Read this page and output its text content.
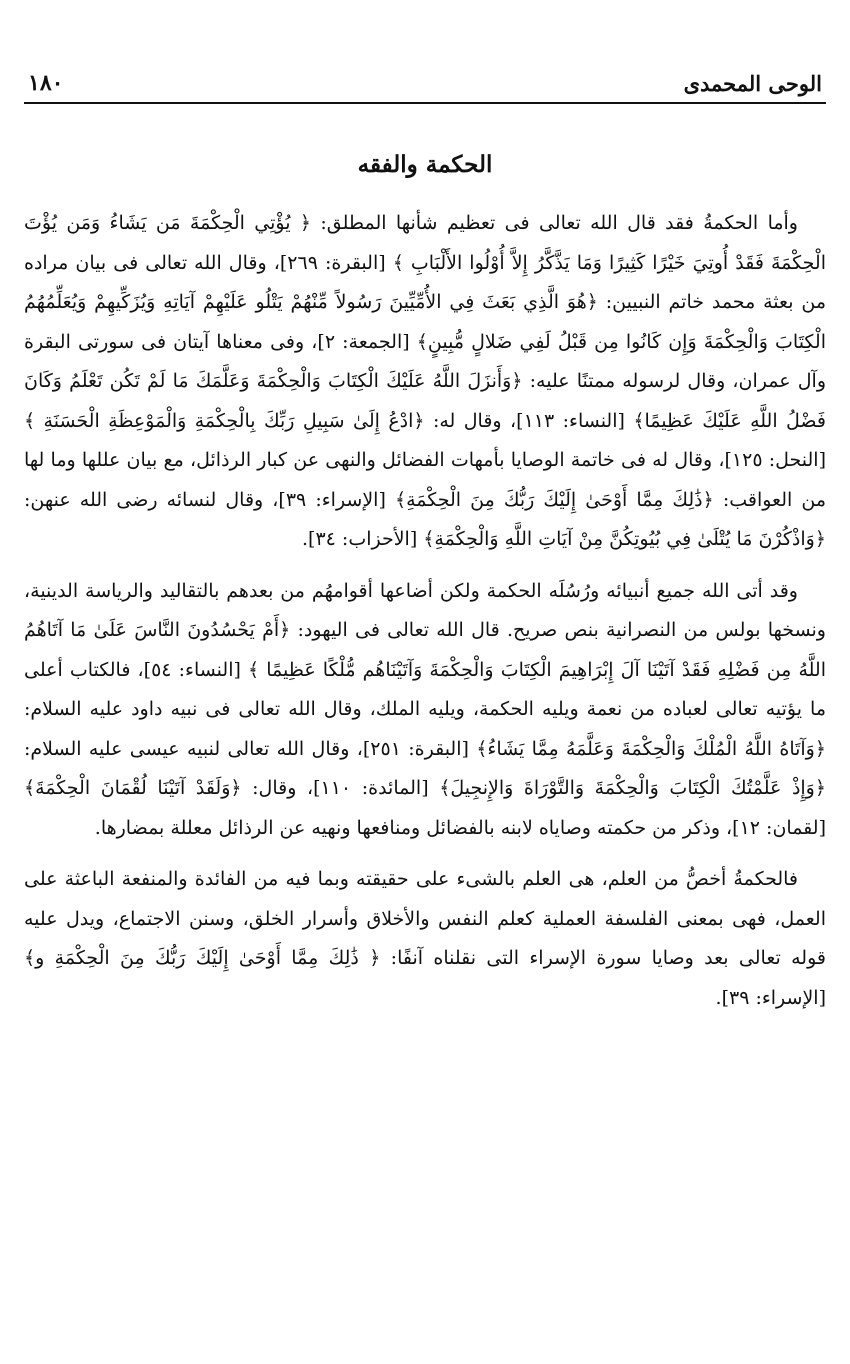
الوحى المحمدى
١٨٠
الحكمة والفقه

وأما الحكمةُ فقد قال الله تعالى فى تعظيم شأنها المطلق: ﴿ يُؤْتِي الْحِكْمَةَ مَن يَشَاءُ وَمَن يُؤْتَ الْحِكْمَةَ فَقَدْ أُوتِيَ خَيْرًا كَثِيرًا وَمَا يَذَّكَّرُ إِلاَّ أُوْلُوا الأَلْبَابِ ﴾ [البقرة: ٢٦٩]، وقال الله تعالى فى بيان مراده من بعثة محمد خاتم النبيين: ﴿هُوَ الَّذِي بَعَثَ فِي الأُمِّيِّينَ رَسُولاً مِّنْهُمْ يَتْلُو عَلَيْهِمْ آيَاتِهِ وَيُزَكِّيهِمْ وَيُعَلِّمُهُمُ الْكِتَابَ وَالْحِكْمَةَ وَإِن كَانُوا مِن قَبْلُ لَفِي ضَلالٍ مُّبِينٍ﴾ [الجمعة: ٢]، وفى معناها آيتان فى سورتى البقرة وآل عمران، وقال لرسوله ممتنًا عليه: ﴿وَأَنزَلَ اللَّهُ عَلَيْكَ الْكِتَابَ وَالْحِكْمَةَ وَعَلَّمَكَ مَا لَمْ تَكُن تَعْلَمُ وَكَانَ فَضْلُ اللَّهِ عَلَيْكَ عَظِيمًا﴾ [النساء: ١١٣]، وقال له: ﴿ادْعُ إِلَىٰ سَبِيلِ رَبِّكَ بِالْحِكْمَةِ وَالْمَوْعِظَةِ الْحَسَنَةِ ﴾ [النحل: ١٢٥]، وقال له فى خاتمة الوصايا بأمهات الفضائل والنهى عن كبار الرذائل، مع بيان عللها وما لها من العواقب: ﴿ذَٰلِكَ مِمَّا أَوْحَىٰ إِلَيْكَ رَبُّكَ مِنَ الْحِكْمَةِ﴾ [الإسراء: ٣٩]، وقال لنسائه رضى الله عنهن: ﴿وَاذْكُرْنَ مَا يُتْلَىٰ فِي بُيُوتِكُنَّ مِنْ آيَاتِ اللَّهِ وَالْحِكْمَةِ﴾ [الأحزاب: ٣٤].

وقد أتى الله جميع أنبيائه ورُسُلَه الحكمة ولكن أضاعها أقوامهُم من بعدهم بالتقاليد والرياسة الدينية، ونسخها بولس من النصرانية بنص صريح. قال الله تعالى فى اليهود: ﴿أَمْ يَحْسُدُونَ النَّاسَ عَلَىٰ مَا آتَاهُمُ اللَّهُ مِن فَضْلِهِ فَقَدْ آتَيْنَا آلَ إِبْرَاهِيمَ الْكِتَابَ وَالْحِكْمَةَ وَآتَيْنَاهُم مُّلْكًا عَظِيمًا ﴾ [النساء: ٥٤]، فالكتاب أعلى ما يؤتيه تعالى لعباده من نعمة ويليه الحكمة، ويليه الملك، وقال الله تعالى فى نبيه داود عليه السلام: ﴿وَآتَاهُ اللَّهُ الْمُلْكَ وَالْحِكْمَةَ وَعَلَّمَهُ مِمَّا يَشَاءُ﴾ [البقرة: ٢٥١]، وقال الله تعالى لنبيه عيسى عليه السلام: ﴿وَإِذْ عَلَّمْتُكَ الْكِتَابَ وَالْحِكْمَةَ وَالتَّوْرَاةَ وَالإِنجِيلَ﴾ [المائدة: ١١٠]، وقال: ﴿وَلَقَدْ آتَيْنَا لُقْمَانَ الْحِكْمَةَ﴾ [لقمان: ١٢]، وذكر من حكمته وصاياه لابنه بالفضائل ومنافعها ونهيه عن الرذائل معللة بمضارها.

فالحكمةُ أخصُّ من العلم، هى العلم بالشىء على حقيقته وبما فيه من الفائدة والمنفعة الباعثة على العمل، فهى بمعنى الفلسفة العملية كعلم النفس والأخلاق وأسرار الخلق، وسنن الاجتماع، ويدل عليه قوله تعالى بعد وصايا سورة الإسراء التى نقلناه آنفًا: ﴿ ذَٰلِكَ مِمَّا أَوْحَىٰ إِلَيْكَ رَبُّكَ مِنَ الْحِكْمَةِ و﴾ [الإسراء: ٣٩].
